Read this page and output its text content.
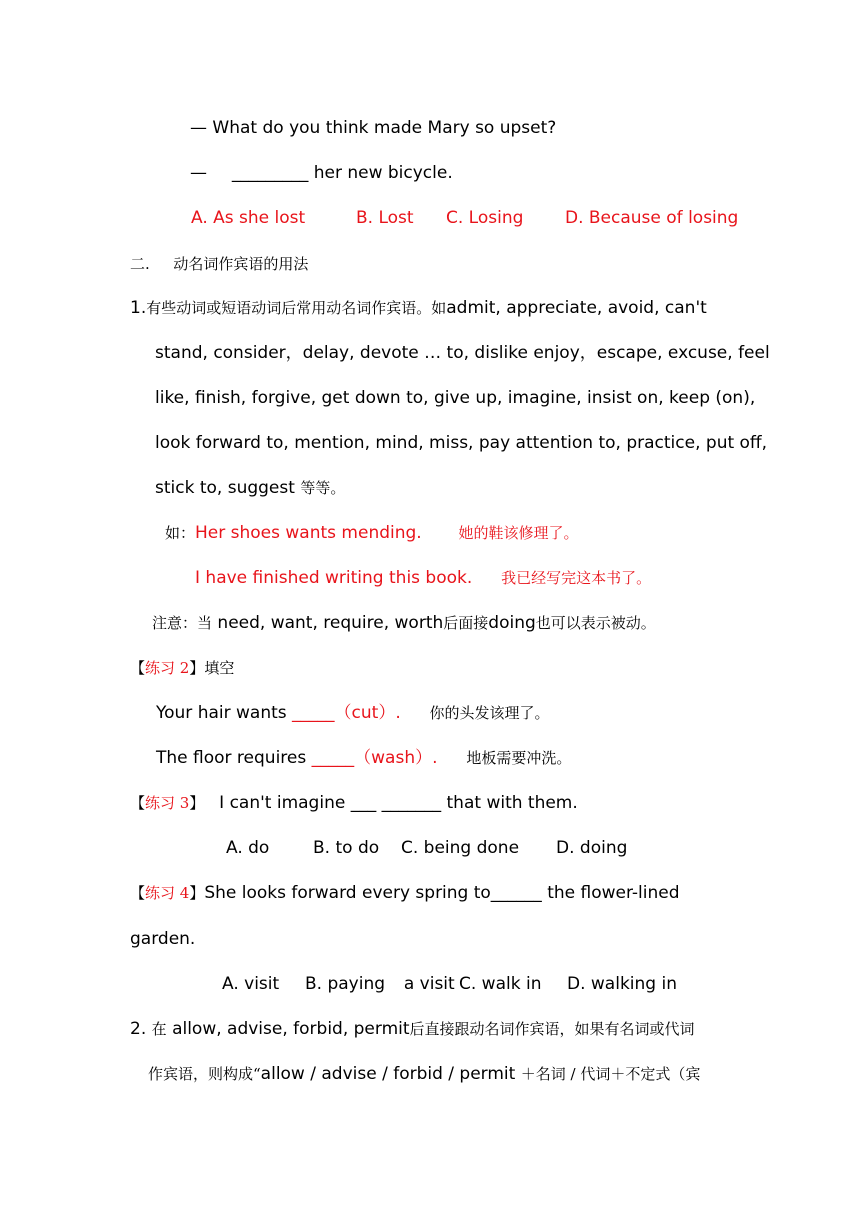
— What do you think made Mary so upset?
— _________ her new bicycle.
A. As she lost	B. Lost C. Losing D. Because of losing
二. 动名词作宾语的用法
1.有些动词或短语动词后常用动名词作宾语。如admit, appreciate, avoid, can't
stand, consider，delay, devote … to, dislike enjoy，escape, excuse, feel
like, finish, forgive, get down to, give up, imagine, insist on, keep (on),
look forward to, mention, mind, miss, pay attention to, practice, put off,
stick to, suggest 等等。
如：Her shoes wants mending. 她的鞋该修理了。
I have finished writing this book. 我已经写完这本书了。
注意：当 need, want, require, worth后面接doing也可以表示被动。
【练习 2】填空
Your hair wants _____（cut）. 你的头发该理了。
The floor requires _____（wash）. 地板需要冲洗。
【练习 3】 I can't imagine ___ _______ that with them.
A. do	B. to do C. being done D. doing
【练习 4】She looks forward every spring to______ the flower-lined
garden.
A. visit B. paying a visit C. walk in D. walking in
2. 在 allow, advise, forbid, permit后直接跟动名词作宾语，如果有名词或代词
作宾语，则构成“allow / advise / forbid / permit ＋名词 / 代词＋不定式（宾
